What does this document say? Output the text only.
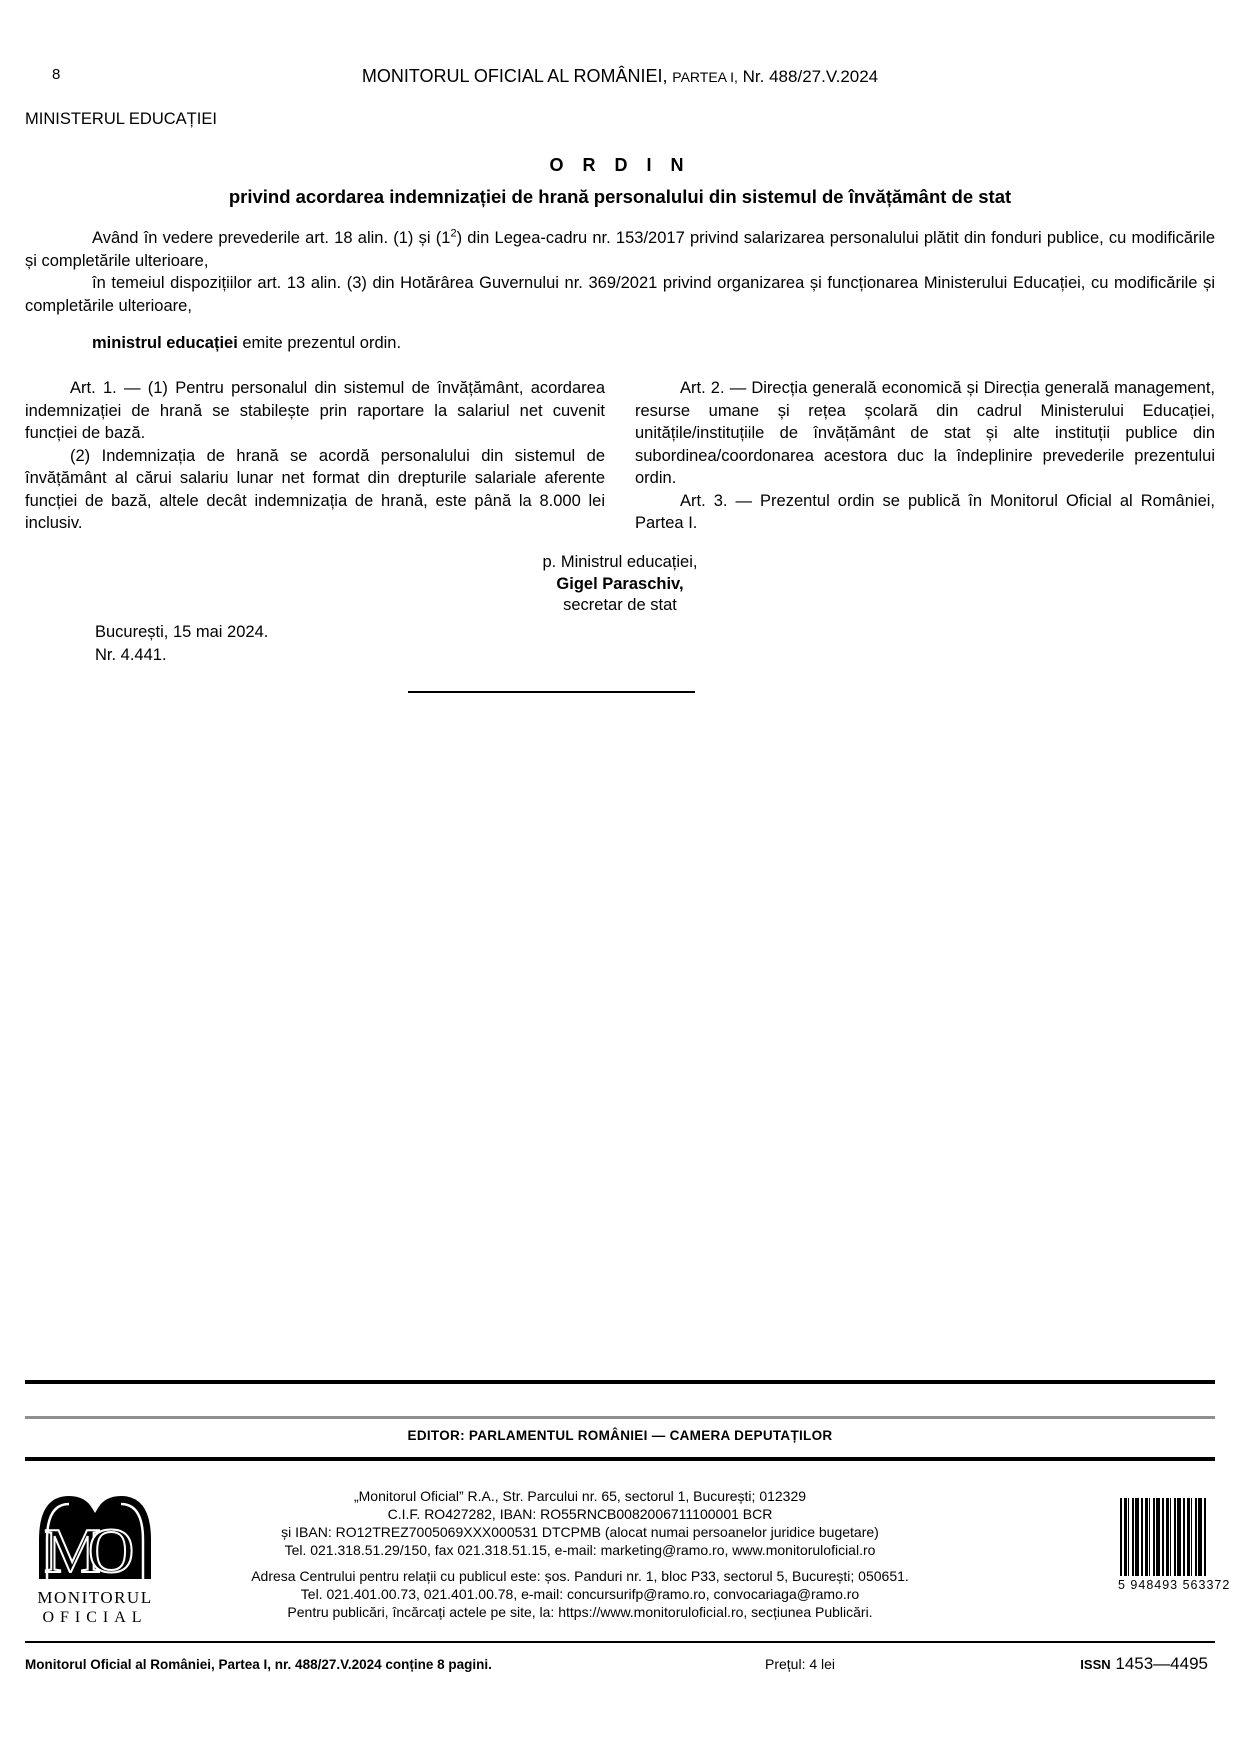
8	MONITORUL OFICIAL AL ROMÂNIEI, PARTEA I, Nr. 488/27.V.2024
MINISTERUL EDUCAȚIEI
O R D I N
privind acordarea indemnizației de hrană personalului din sistemul de învățământ de stat

Având în vedere prevederile art. 18 alin. (1) și $(1^2)$ din Legea-cadru nr. 153/2017 privind salarizarea personalului plătit din fonduri publice, cu modificările și completările ulterioare,

în temeiul dispozițiilor art. 13 alin. (3) din Hotărârea Guvernului nr. 369/2021 privind organizarea și funcționarea Ministerului Educației, cu modificările și completările ulterioare,

ministrul educației emite prezentul ordin.

Art. 1. — (1) Pentru personalul din sistemul de învățământ, acordarea indemnizației de hrană se stabilește prin raportare la salariul net cuvenit funcției de bază.

(2) Indemnizația de hrană se acordă personalului din sistemul de învățământ al cărui salariu lunar net format din drepturile salariale aferente funcției de bază, altele decât indemnizația de hrană, este până la 8.000 lei inclusiv.

Art. 2. — Direcția generală economică și Direcția generală management, resurse umane și rețea școlară din cadrul Ministerului Educației, unitățile/instituțiile de învățământ de stat și alte instituții publice din subordinea/coordonarea acestora duc la îndeplinire prevederile prezentului ordin.

Art. 3. — Prezentul ordin se publică în Monitorul Oficial al României, Partea I.

p. Ministrul educației,
Gigel Paraschiv,
secretar de stat
București, 15 mai 2024.
Nr. 4.441.
EDITOR: PARLAMENTUL ROMÂNIEI — CAMERA DEPUTAȚILOR
M
O
MONITORUL
OFICIAL
„Monitorul Oficial” R.A., Str. Parcului nr. 65, sectorul 1, București; 012329
C.I.F. RO427282, IBAN: RO55RNCB0082006711100001 BCR
și IBAN: RO12TREZ7005069XXX000531 DTCPMB (alocat numai persoanelor juridice bugetare)
Tel. 021.318.51.29/150, fax 021.318.51.15, e-mail: marketing@ramo.ro, www.monitoruloficial.ro
Adresa Centrului pentru relații cu publicul este: șos. Panduri nr. 1, bloc P33, sectorul 5, București; 050651.
Tel. 021.401.00.73, 021.401.00.78, e-mail: concursurifp@ramo.ro, convocariaga@ramo.ro
Pentru publicări, încărcați actele pe site, la: https://www.monitoruloficial.ro, secțiunea Publicări.
5 948493 563372
Monitorul Oficial al României, Partea I, nr. 488/27.V.2024 conține 8 pagini.	Prețul: 4 lei	ISSN 1453—4495
